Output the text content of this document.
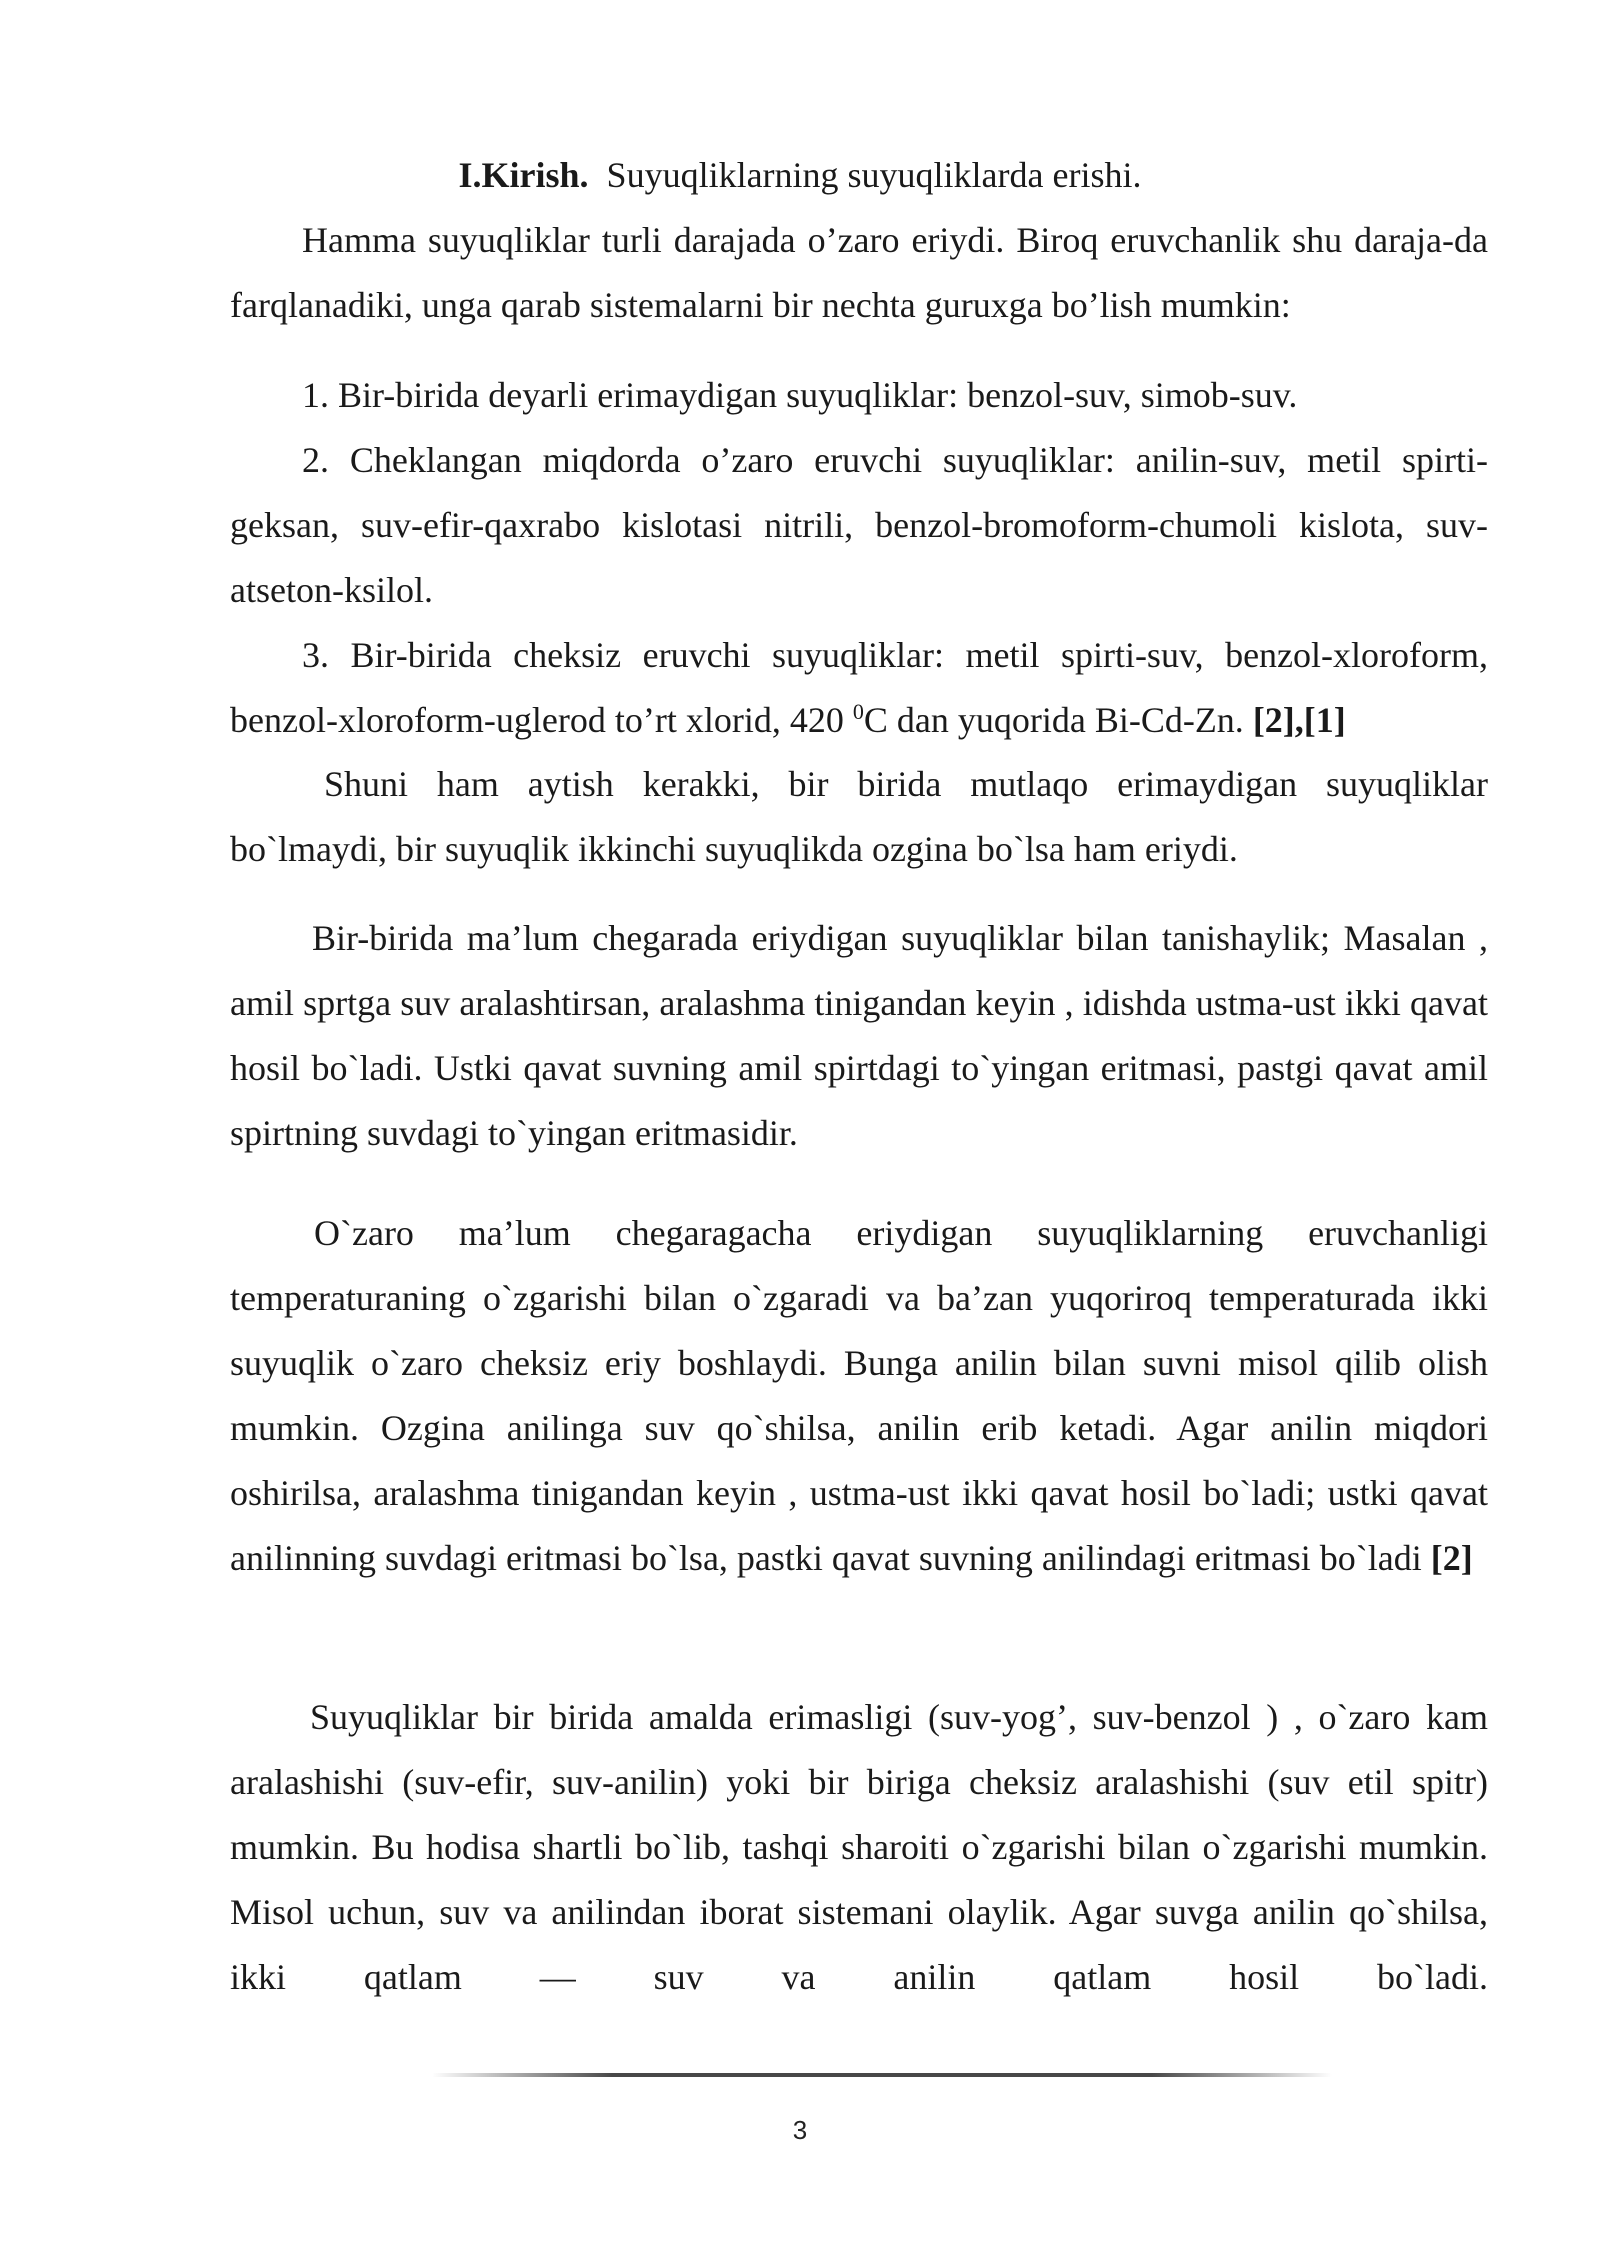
I.Kirish. Suyuqliklarning suyuqliklarda erishi.

Hamma suyuqliklar turli darajada o’zaro eriydi. Biroq eruvchanlik shu daraja-da farqlanadiki, unga qarab sistemalarni bir nechta guruxga bo’lish mumkin:

1. Bir-birida deyarli erimaydigan suyuqliklar: benzol-suv, simob-suv.

2. Cheklangan miqdorda o’zaro eruvchi suyuqliklar: anilin-suv, metil spirti-geksan, suv-efir-qaxrabo kislotasi nitrili, benzol-bromoform-chumoli kislota, suv-atseton-ksilol.

3. Bir-birida cheksiz eruvchi suyuqliklar: metil spirti-suv, benzol-xloroform, benzol-xloroform-uglerod to’rt xlorid, 420 $^0$C dan yuqorida Bi-Cd-Zn. [2],[1]

Shuni ham aytish kerakki, bir birida mutlaqo erimaydigan suyuqliklar bo`lmaydi, bir suyuqlik ikkinchi suyuqlikda ozgina bo`lsa ham eriydi.

Bir-birida ma’lum chegarada eriydigan suyuqliklar bilan tanishaylik; Masalan , amil sprtga suv aralashtirsan, aralashma tinigandan keyin , idishda ustma-ust ikki qavat hosil bo`ladi. Ustki qavat suvning amil spirtdagi to`yingan eritmasi, pastgi qavat amil spirtning suvdagi to`yingan eritmasidir.

O`zaro ma’lum chegaragacha eriydigan suyuqliklarning eruvchanligi temperaturaning o`zgarishi bilan o`zgaradi va ba’zan yuqoriroq temperaturada ikki suyuqlik o`zaro cheksiz eriy boshlaydi. Bunga anilin bilan suvni misol qilib olish mumkin. Ozgina anilinga suv qo`shilsa, anilin erib ketadi. Agar anilin miqdori oshirilsa, aralashma tinigandan keyin , ustma-ust ikki qavat hosil bo`ladi; ustki qavat anilinning suvdagi eritmasi bo`lsa, pastki qavat suvning anilindagi eritmasi bo`ladi [2]

Suyuqliklar bir birida amalda erimasligi (suv-yog’, suv-benzol ) , o`zaro kam aralashishi (suv-efir, suv-anilin) yoki bir biriga cheksiz aralashishi (suv etil spitr) mumkin. Bu hodisa shartli bo`lib, tashqi sharoiti o`zgarishi bilan o`zgarishi mumkin. Misol uchun, suv va anilindan iborat sistemani olaylik. Agar suvga anilin qo`shilsa, ikki qatlam — suv va anilin qatlam hosil bo`ladi.

3
